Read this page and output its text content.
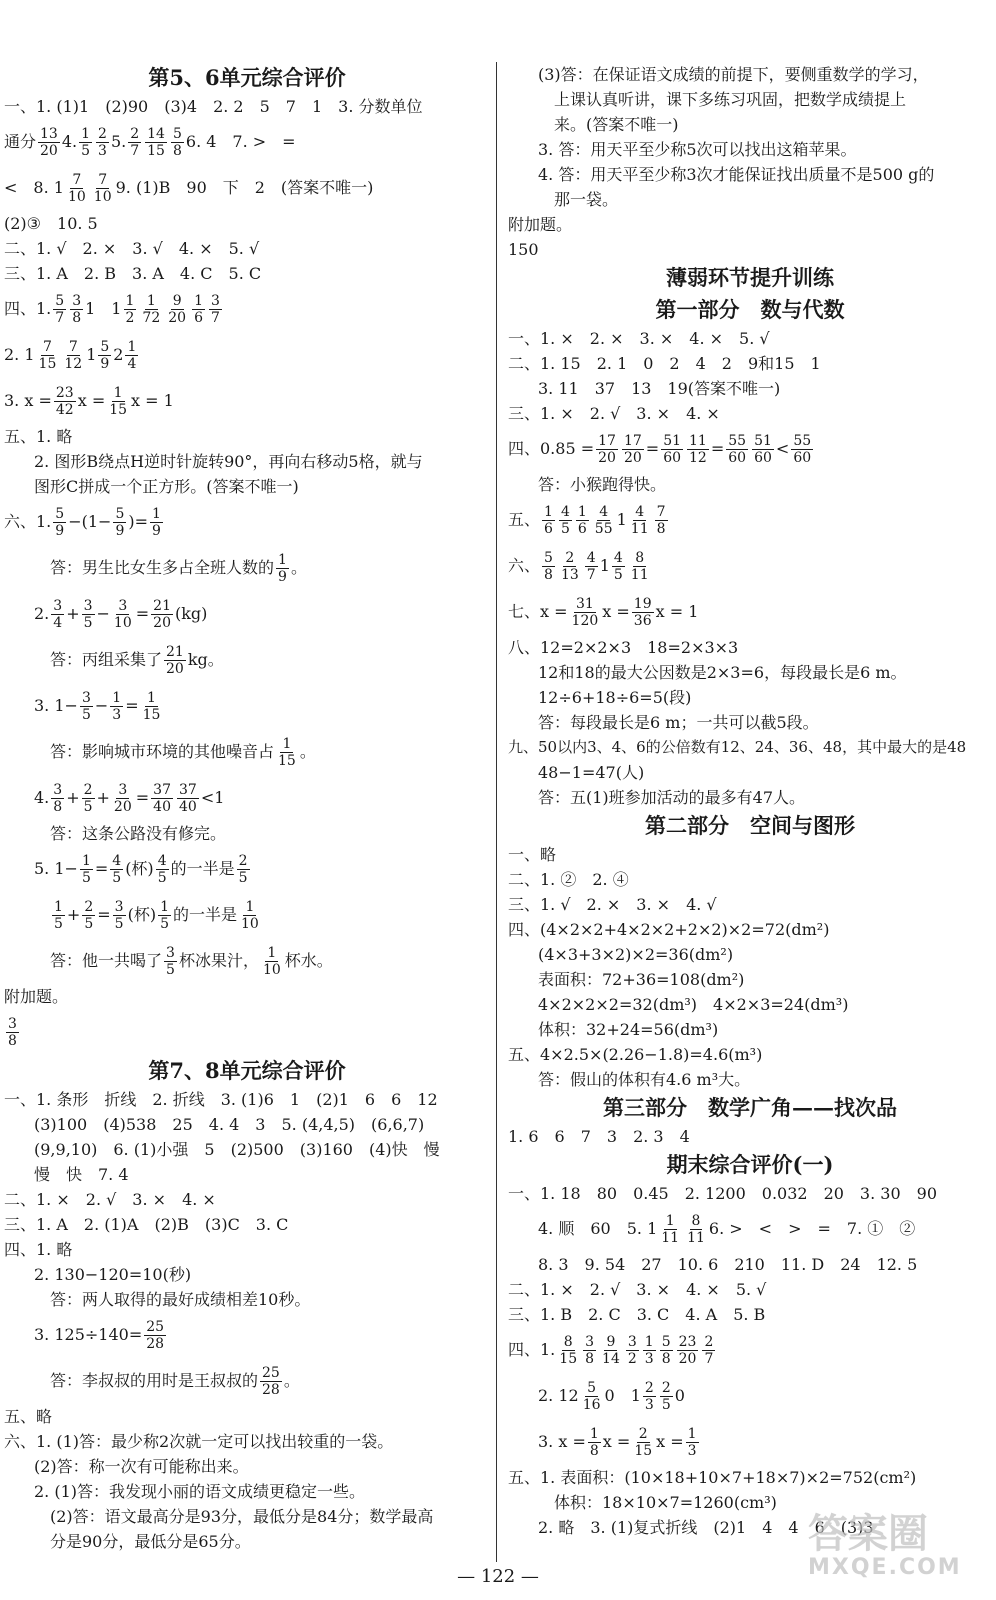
第5、6单元综合评价
一、1. (1)1　(2)90　(3)4　2. 2　5　7　1　3. 分数单位
通分 $\frac{13}{20} 4$. $\frac{1}{5} \frac{2}{3} 5$. $\frac{2}{7} \frac{14}{15} \frac{5}{8} 6$. 4　7. >　=
<　8. $1 \frac{7}{10} \frac{7}{10} 9$. (1)B　90　下　2　(答案不唯一)
(2)③　10. 5
二、1. √　2. ×　3. √　4. ×　5. √
三、1. A　2. B　3. A　4. C　5. C
四、1. $\frac{5}{7} \frac{3}{8} 1$　$1 \frac{1}{2} \frac{1}{72} \frac{9}{20} \frac{1}{6} \frac{3}{7}$
2. $1 \frac{7}{15} \frac{7}{12} 1 \frac{5}{9} 2 \frac{1}{4}$
3. $x = \frac{23}{42}$ $x = \frac{1}{15}$ x = 1
五、1. 略
2. 图形B绕点H逆时针旋转90°，再向右移动5格，就与
图形C拼成一个正方形。(答案不唯一)
六、1. $\frac{5}{9} -(1- \frac{5}{9}$ )= $\frac{1}{9}$
答：男生比女生多占全班人数的 $\frac{1}{9}$ 。
2. $\frac{3}{4} + \frac{3}{5} - \frac{3}{10} = \frac{21}{20} (kg)$
答：丙组采集了 $\frac{21}{20}$ kg。
3. $1- \frac{3}{5} - \frac{1}{3} = \frac{1}{15}$
答：影响城市环境的其他噪音占 $\frac{1}{15}$ 。
4. $\frac{3}{8} + \frac{2}{5} + \frac{3}{20} = \frac{37}{40} \frac{37}{40} <1$
答：这条公路没有修完。
5. $1- \frac{1}{5} = \frac{4}{5}$ (杯) $\frac{4}{5}$ 的一半是 $\frac{2}{5}$
$\frac{1}{5} + \frac{2}{5} = \frac{3}{5}$ (杯) $\frac{1}{5}$ 的一半是 $\frac{1}{10}$
答：他一共喝了 $\frac{3}{5}$ 杯冰果汁， $\frac{1}{10}$ 杯水。
附加题。
$\frac{3}{8}$
第7、8单元综合评价
一、1. 条形　折线　2. 折线　3. (1)6　1　(2)1　6　6　12
(3)100　(4)538　25　4. 4　3　5. (4,4,5)　(6,6,7)
(9,9,10)　6. (1)小强　5　(2)500　(3)160　(4)快　慢
慢　快　7. 4
二、1. ×　2. √　3. ×　4. ×
三、1. A　2. (1)A　(2)B　(3)C　3. C
四、1. 略
2. 130−120=10(秒)
答：两人取得的最好成绩相差10秒。
3. $125\div 140= \frac{25}{28}$
答：李叔叔的用时是王叔叔的 $\frac{25}{28}$ 。
五、略
六、1. (1)答：最少称2次就一定可以找出较重的一袋。
(2)答：称一次有可能称出来。
2. (1)答：我发现小丽的语文成绩更稳定一些。
(2)答：语文最高分是93分，最低分是84分；数学最高
分是90分，最低分是65分。
(3)答：在保证语文成绩的前提下，要侧重数学的学习，
上课认真听讲，课下多练习巩固，把数学成绩提上
来。(答案不唯一)
3. 答：用天平至少称5次可以找出这箱苹果。
4. 答：用天平至少称3次才能保证找出质量不是500 g的
那一袋。
附加题。
150
薄弱环节提升训练
第一部分　数与代数
一、1. ×　2. ×　3. ×　4. ×　5. √
二、1. 15　2. 1　0　2　4　2　9和15　1
3. 11　37　13　19(答案不唯一)
三、1. ×　2. √　3. ×　4. ×
四、$0.85 = \frac{17}{20} \frac{17}{20} = \frac{51}{60} \frac{11}{12} = \frac{55}{60} \frac{51}{60} < \frac{55}{60}$
答：小猴跑得快。
五、 $\frac{1}{6} \frac{4}{5} \frac{1}{6} \frac{4}{55} 1 \frac{4}{11} \frac{7}{8}$
六、 $\frac{5}{8} \frac{2}{13} \frac{4}{7} 1 \frac{4}{5} \frac{8}{11}$
七、$x = \frac{31}{120}$ $x = \frac{19}{36}$ x = 1
八、12=2×2×3　18=2×3×3
12和18的最大公因数是2×3=6，每段最长是6 m。
12÷6+18÷6=5(段)
答：每段最长是6 m；一共可以截5段。
九、50以内3、4、6的公倍数有12、24、36、48，其中最大的是48
48−1=47(人)
答：五(1)班参加活动的最多有47人。
第二部分　空间与图形
一、略
二、1. ②　2. ④
三、1. √　2. ×　3. ×　4. √
四、(4×2×2+4×2×2+2×2)×2=72(dm²)
(4×3+3×2)×2=36(dm²)
表面积：72+36=108(dm²)
4×2×2×2=32(dm³)　4×2×3=24(dm³)
体积：32+24=56(dm³)
五、4×2.5×(2.26−1.8)=4.6(m³)
答：假山的体积有4.6 m³大。
第三部分　数学广角——找次品
1. 6　6　7　3　2. 3　4
期末综合评价(一)
一、1. 18　80　0.45　2. 1200　0.032　20　3. 30　90
4. 顺　60　5. $1 \frac{1}{11} \frac{8}{11} 6$. >　<　>　=　7. ①　②
8. 3　9. 54　27　10. 6　210　11. D　24　12. 5
二、1. ×　2. √　3. ×　4. ×　5. √
三、1. B　2. C　3. C　4. A　5. B
四、1. $\frac{8}{15} \frac{3}{8} \frac{9}{14} \frac{3}{2} \frac{1}{3} \frac{5}{8} \frac{23}{20} \frac{2}{7}$
2. $12 \frac{5}{16} 0$　$1 \frac{2}{3} \frac{2}{5} 0$
3. $x = \frac{1}{8}$ $x = \frac{2}{15}$ $x = \frac{1}{3}$
五、1. 表面积：(10×18+10×7+18×7)×2=752(cm²)
体积：18×10×7=1260(cm³)
2. 略　3. (1)复式折线　(2)1　4　4　6　(3)3
— 122 —
答案圈
MXQE.COM
